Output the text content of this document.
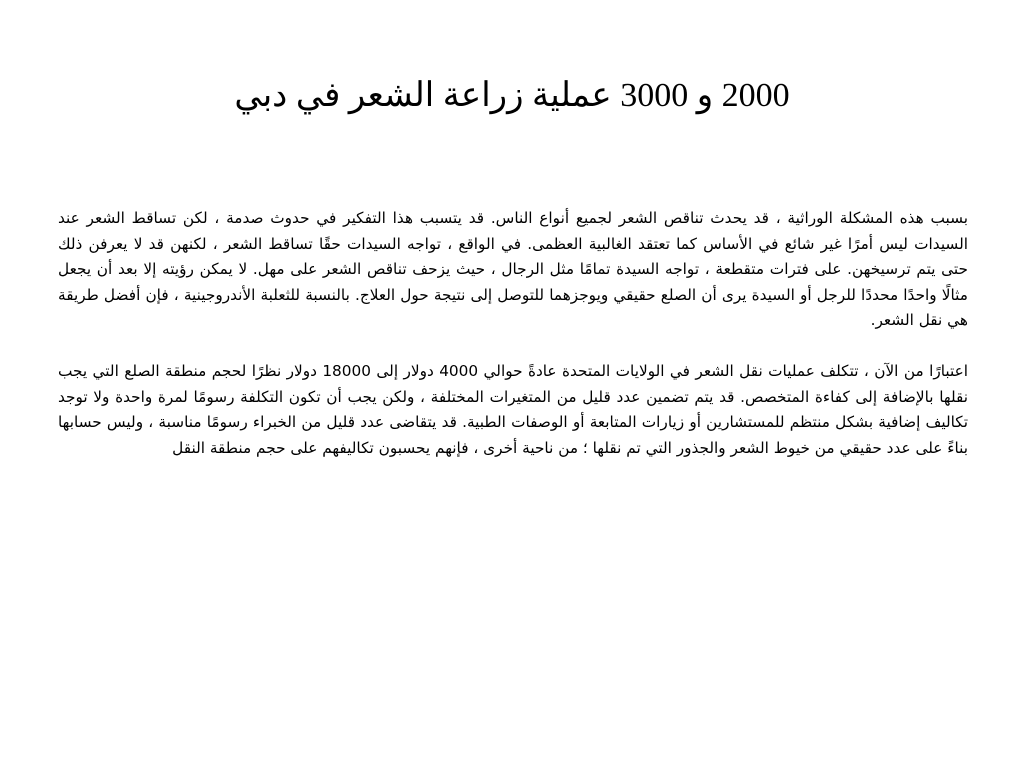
2000 و 3000 عملية زراعة الشعر في دبي

بسبب هذه المشكلة الوراثية ، قد يحدث تناقص الشعر لجميع أنواع الناس. قد يتسبب هذا التفكير في حدوث صدمة ، لكن تساقط الشعر عند السيدات ليس أمرًا غير شائع في الأساس كما تعتقد الغالبية العظمى. في الواقع ، تواجه السيدات حقًا تساقط الشعر ، لكنهن قد لا يعرفن ذلك حتى يتم ترسيخهن. على فترات متقطعة ، تواجه السيدة تمامًا مثل الرجال ، حيث يزحف تناقص الشعر على مهل. لا يمكن رؤيته إلا بعد أن يجعل مثالًا واحدًا محددًا للرجل أو السيدة يرى أن الصلع حقيقي ويوجزهما للتوصل إلى نتيجة حول العلاج. بالنسبة للثعلبة الأندروجينية ، فإن أفضل طريقة هي نقل الشعر.

اعتبارًا من الآن ، تتكلف عمليات نقل الشعر في الولايات المتحدة عادةً حوالي 4000 دولار إلى 18000 دولار نظرًا لحجم منطقة الصلع التي يجب نقلها بالإضافة إلى كفاءة المتخصص. قد يتم تضمين عدد قليل من المتغيرات المختلفة ، ولكن يجب أن تكون التكلفة رسومًا لمرة واحدة ولا توجد تكاليف إضافية بشكل منتظم للمستشارين أو زيارات المتابعة أو الوصفات الطبية. قد يتقاضى عدد قليل من الخبراء رسومًا مناسبة ، وليس حسابها بناءً على عدد حقيقي من خيوط الشعر والجذور التي تم نقلها ؛ من ناحية أخرى ، فإنهم يحسبون تكاليفهم على حجم منطقة النقل
